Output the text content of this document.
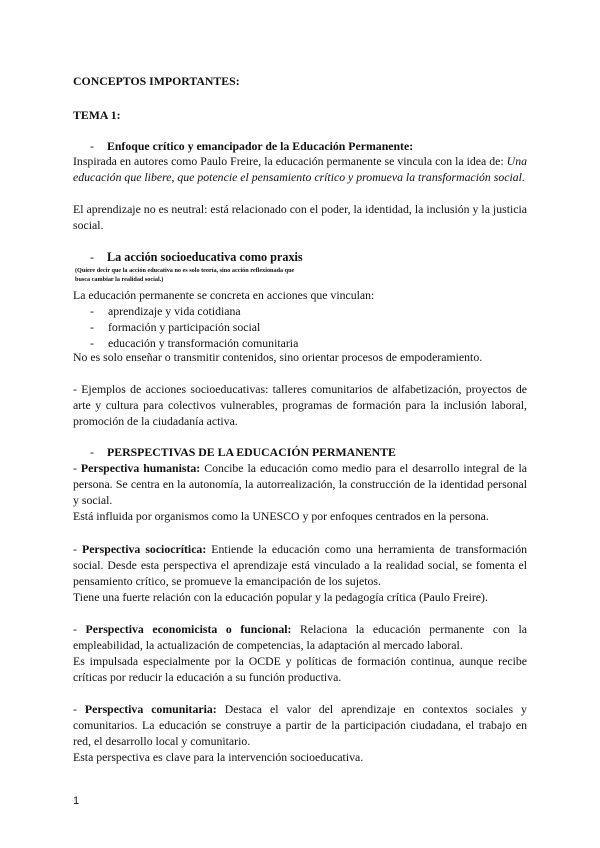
CONCEPTOS IMPORTANTES:

TEMA 1:

- Enfoque crítico y emancipador de la Educación Permanente:

Inspirada en autores como Paulo Freire, la educación permanente se vincula con la idea de: Una educación que libere, que potencie el pensamiento crítico y promueva la transformación social.

El aprendizaje no es neutral: está relacionado con el poder, la identidad, la inclusión y la justicia social.

- La acción socioeducativa como praxis (Quiere decir que la acción educativa no es solo teoría, sino acción reflexionada que busca cambiar la realidad social.)

La educación permanente se concreta en acciones que vinculan:

- aprendizaje y vida cotidiana
- formación y participación social
- educación y transformación comunitaria

No es solo enseñar o transmitir contenidos, sino orientar procesos de empoderamiento.

- Ejemplos de acciones socioeducativas: talleres comunitarios de alfabetización, proyectos de arte y cultura para colectivos vulnerables, programas de formación para la inclusión laboral, promoción de la ciudadanía activa.

- PERSPECTIVAS DE LA EDUCACIÓN PERMANENTE

- Perspectiva humanista: Concibe la educación como medio para el desarrollo integral de la persona. Se centra en la autonomía, la autorrealización, la construcción de la identidad personal y social.

Está influida por organismos como la UNESCO y por enfoques centrados en la persona.

- Perspectiva sociocrítica: Entiende la educación como una herramienta de transformación social. Desde esta perspectiva el aprendizaje está vinculado a la realidad social, se fomenta el pensamiento crítico, se promueve la emancipación de los sujetos.

Tiene una fuerte relación con la educación popular y la pedagogía crítica (Paulo Freire).

- Perspectiva economicista o funcional: Relaciona la educación permanente con la empleabilidad, la actualización de competencias, la adaptación al mercado laboral.

Es impulsada especialmente por la OCDE y políticas de formación continua, aunque recibe críticas por reducir la educación a su función productiva.

- Perspectiva comunitaria: Destaca el valor del aprendizaje en contextos sociales y comunitarios. La educación se construye a partir de la participación ciudadana, el trabajo en red, el desarrollo local y comunitario.

Esta perspectiva es clave para la intervención socioeducativa.

1
